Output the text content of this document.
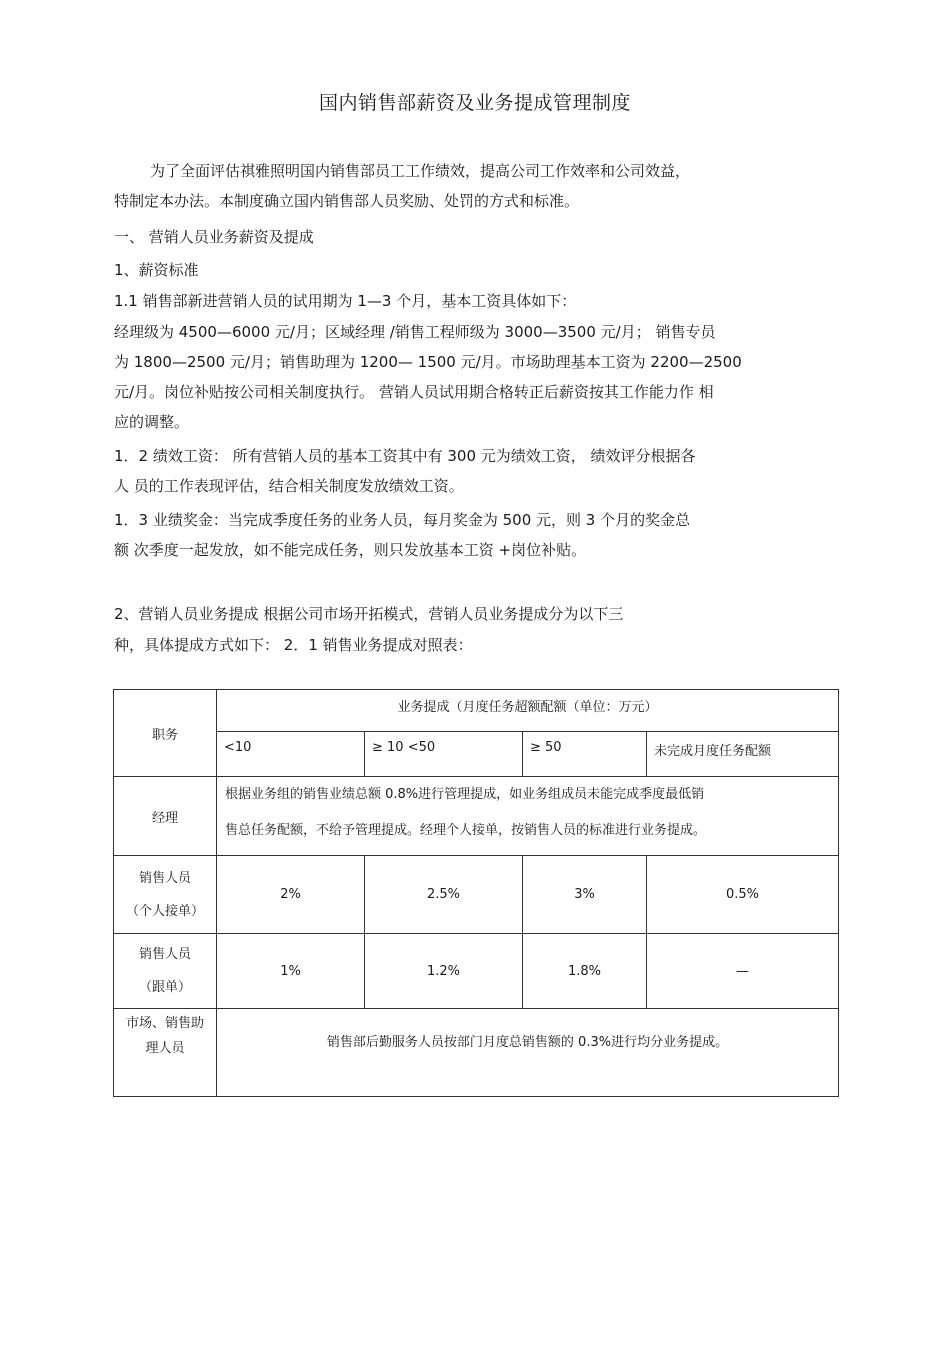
国内销售部薪资及业务提成管理制度
为了全面评估祺雅照明国内销售部员工工作绩效，提高公司工作效率和公司效益，
特制定本办法。本制度确立国内销售部人员奖励、处罚的方式和标准。
一、 营销人员业务薪资及提成
1、薪资标准
1.1 销售部新进营销人员的试用期为 1—3 个月，基本工资具体如下：
经理级为 4500—6000 元/月；区域经理 /销售工程师级为 3000—3500 元/月； 销售专员
为 1800—2500 元/月；销售助理为 1200— 1500 元/月。市场助理基本工资为 2200—2500
元/月。岗位补贴按公司相关制度执行。 营销人员试用期合格转正后薪资按其工作能力作 相
应的调整。
1．2 绩效工资： 所有营销人员的基本工资其中有 300 元为绩效工资， 绩效评分根据各
人 员的工作表现评估，结合相关制度发放绩效工资。
1．3 业绩奖金：当完成季度任务的业务人员，每月奖金为 500 元，则 3 个月的奖金总
额 次季度一起发放，如不能完成任务，则只发放基本工资 +岗位补贴。
2、营销人员业务提成 根据公司市场开拓模式，营销人员业务提成分为以下三
种，具体提成方式如下： 2．1 销售业务提成对照表：
职务	业务提成（月度任务超额配额（单位：万元）			
	<10	≥ 10 <50	≥ 50	未完成月度任务配额
经理	根据业务组的销售业绩总额 0.8%进行管理提成，如业务组成员未能完成季度最低销
售总任务配额，不给予管理提成。经理个人接单，按销售人员的标准进行业务提成。			

销售人员
（个人接单）	2%	2.5%	3%	0.5%

销售人员
（跟单）	1%	1.2%	1.8%	—

市场、销售助
理人员	销售部后勤服务人员按部门月度总销售额的 0.3%进行均分业务提成。			
